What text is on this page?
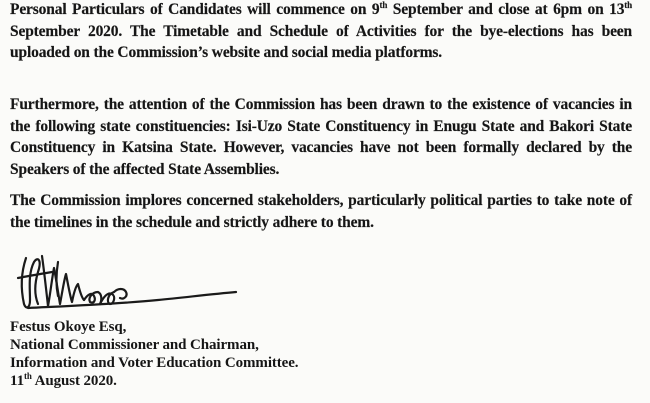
Personal Particulars of Candidates will commence on 9th September and close at 6pm on 13th September 2020. The Timetable and Schedule of Activities for the bye-elections has been uploaded on the Commission’s website and social media platforms.

Furthermore, the attention of the Commission has been drawn to the existence of vacancies in the following state constituencies: Isi-Uzo State Constituency in Enugu State and Bakori State Constituency in Katsina State. However, vacancies have not been formally declared by the Speakers of the affected State Assemblies.

The Commission implores concerned stakeholders, particularly political parties to take note of the timelines in the schedule and strictly adhere to them.

Festus Okoye Esq,
National Commissioner and Chairman,
Information and Voter Education Committee.
11th August 2020.
